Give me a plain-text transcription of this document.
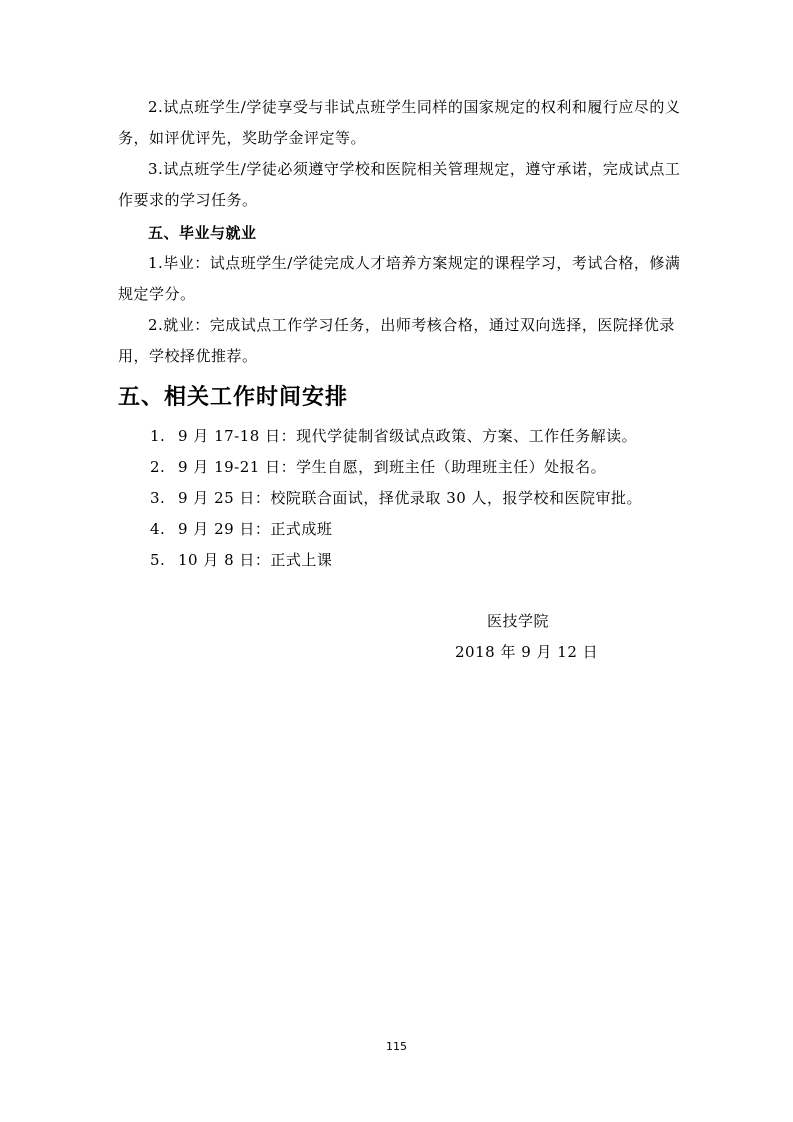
2.试点班学生/学徒享受与非试点班学生同样的国家规定的权利和履行应尽的义务，如评优评先，奖助学金评定等。

3.试点班学生/学徒必须遵守学校和医院相关管理规定，遵守承诺，完成试点工作要求的学习任务。

五、毕业与就业

1.毕业：试点班学生/学徒完成人才培养方案规定的课程学习，考试合格，修满规定学分。

2.就业：完成试点工作学习任务，出师考核合格，通过双向选择，医院择优录用，学校择优推荐。

五、相关工作时间安排

1. 9 月 17-18 日：现代学徒制省级试点政策、方案、工作任务解读。

2. 9 月 19-21 日：学生自愿，到班主任（助理班主任）处报名。

3. 9 月 25 日：校院联合面试，择优录取 30 人，报学校和医院审批。

4. 9 月 29 日：正式成班

5. 10 月 8 日：正式上课

医技学院

2018 年 9 月 12 日

115
